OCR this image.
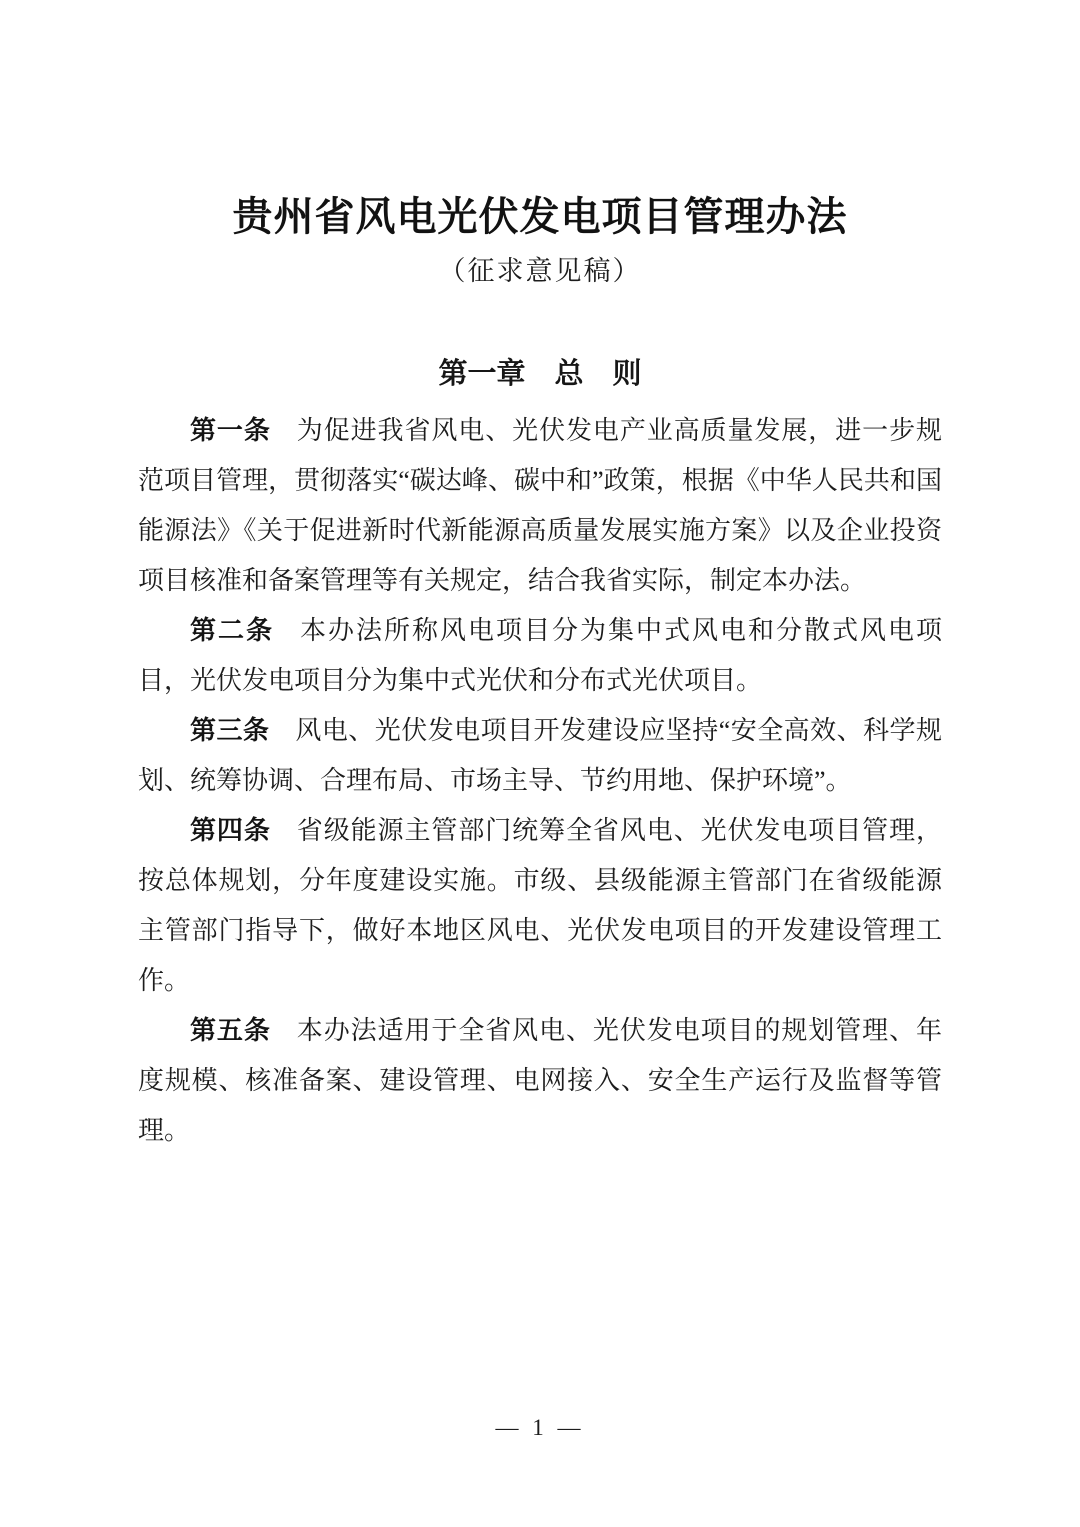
贵州省风电光伏发电项目管理办法
（征求意见稿）
第一章　总　则

第一条 为促进我省风电、光伏发电产业高质量发展，进一步规范项目管理，贯彻落实“碳达峰、碳中和”政策，根据《中华人民共和国能源法》《关于促进新时代新能源高质量发展实施方案》以及企业投资项目核准和备案管理等有关规定，结合我省实际，制定本办法。

第二条 本办法所称风电项目分为集中式风电和分散式风电项目，光伏发电项目分为集中式光伏和分布式光伏项目。

第三条 风电、光伏发电项目开发建设应坚持“安全高效、科学规划、统筹协调、合理布局、市场主导、节约用地、保护环境”。

第四条 省级能源主管部门统筹全省风电、光伏发电项目管理，按总体规划，分年度建设实施。市级、县级能源主管部门在省级能源主管部门指导下，做好本地区风电、光伏发电项目的开发建设管理工作。

第五条 本办法适用于全省风电、光伏发电项目的规划管理、年度规模、核准备案、建设管理、电网接入、安全生产运行及监督等管理。

— 1 —
